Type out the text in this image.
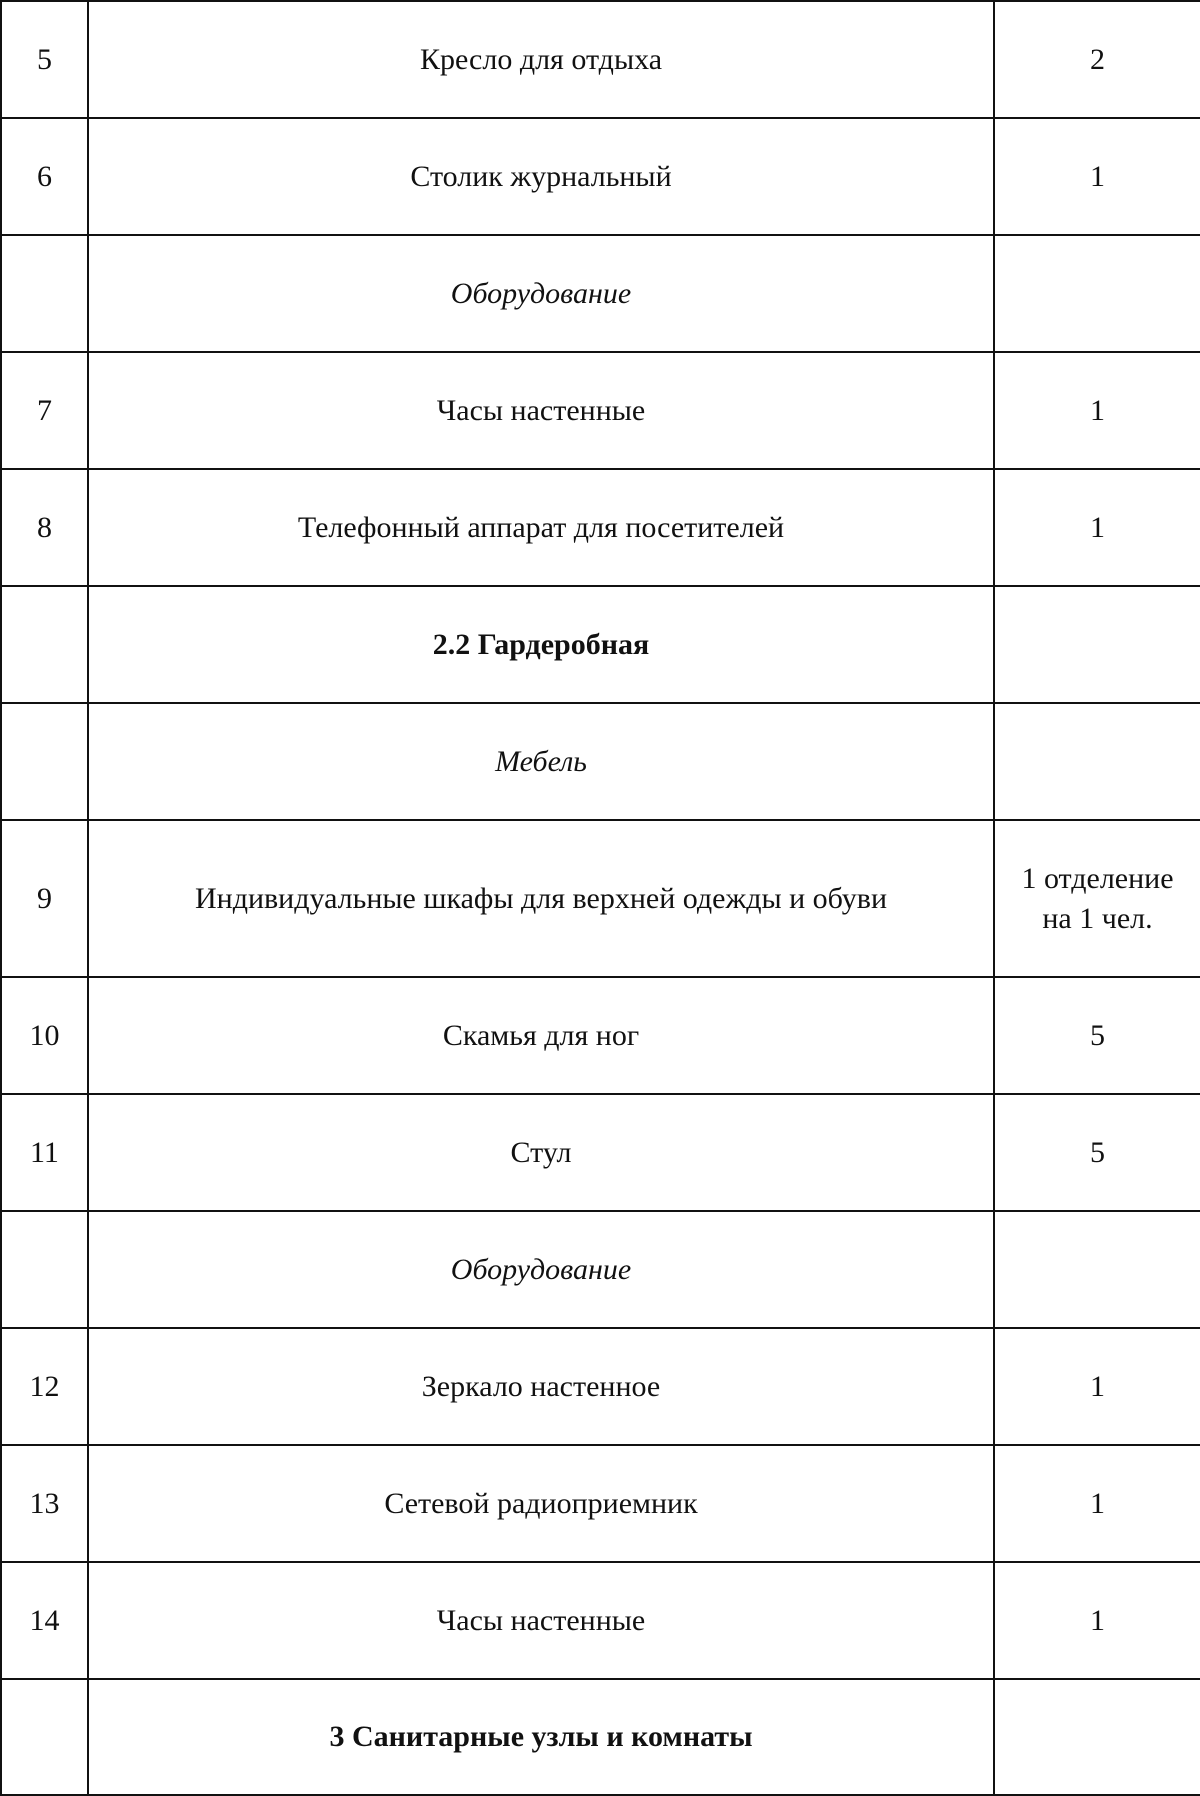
5	Кресло для отдыха	2
6	Столик журнальный	1
	Оборудование	
7	Часы настенные	1
8	Телефонный аппарат для посетителей	1
	2.2 Гардеробная	
	Мебель	
9	Индивидуальные шкафы для верхней одежды и обуви	1 отделение
на 1 чел.

10	Скамья для ног	5
11	Стул	5
	Оборудование	
12	Зеркало настенное	1
13	Сетевой радиоприемник	1
14	Часы настенные	1
	3 Санитарные узлы и комнаты	
